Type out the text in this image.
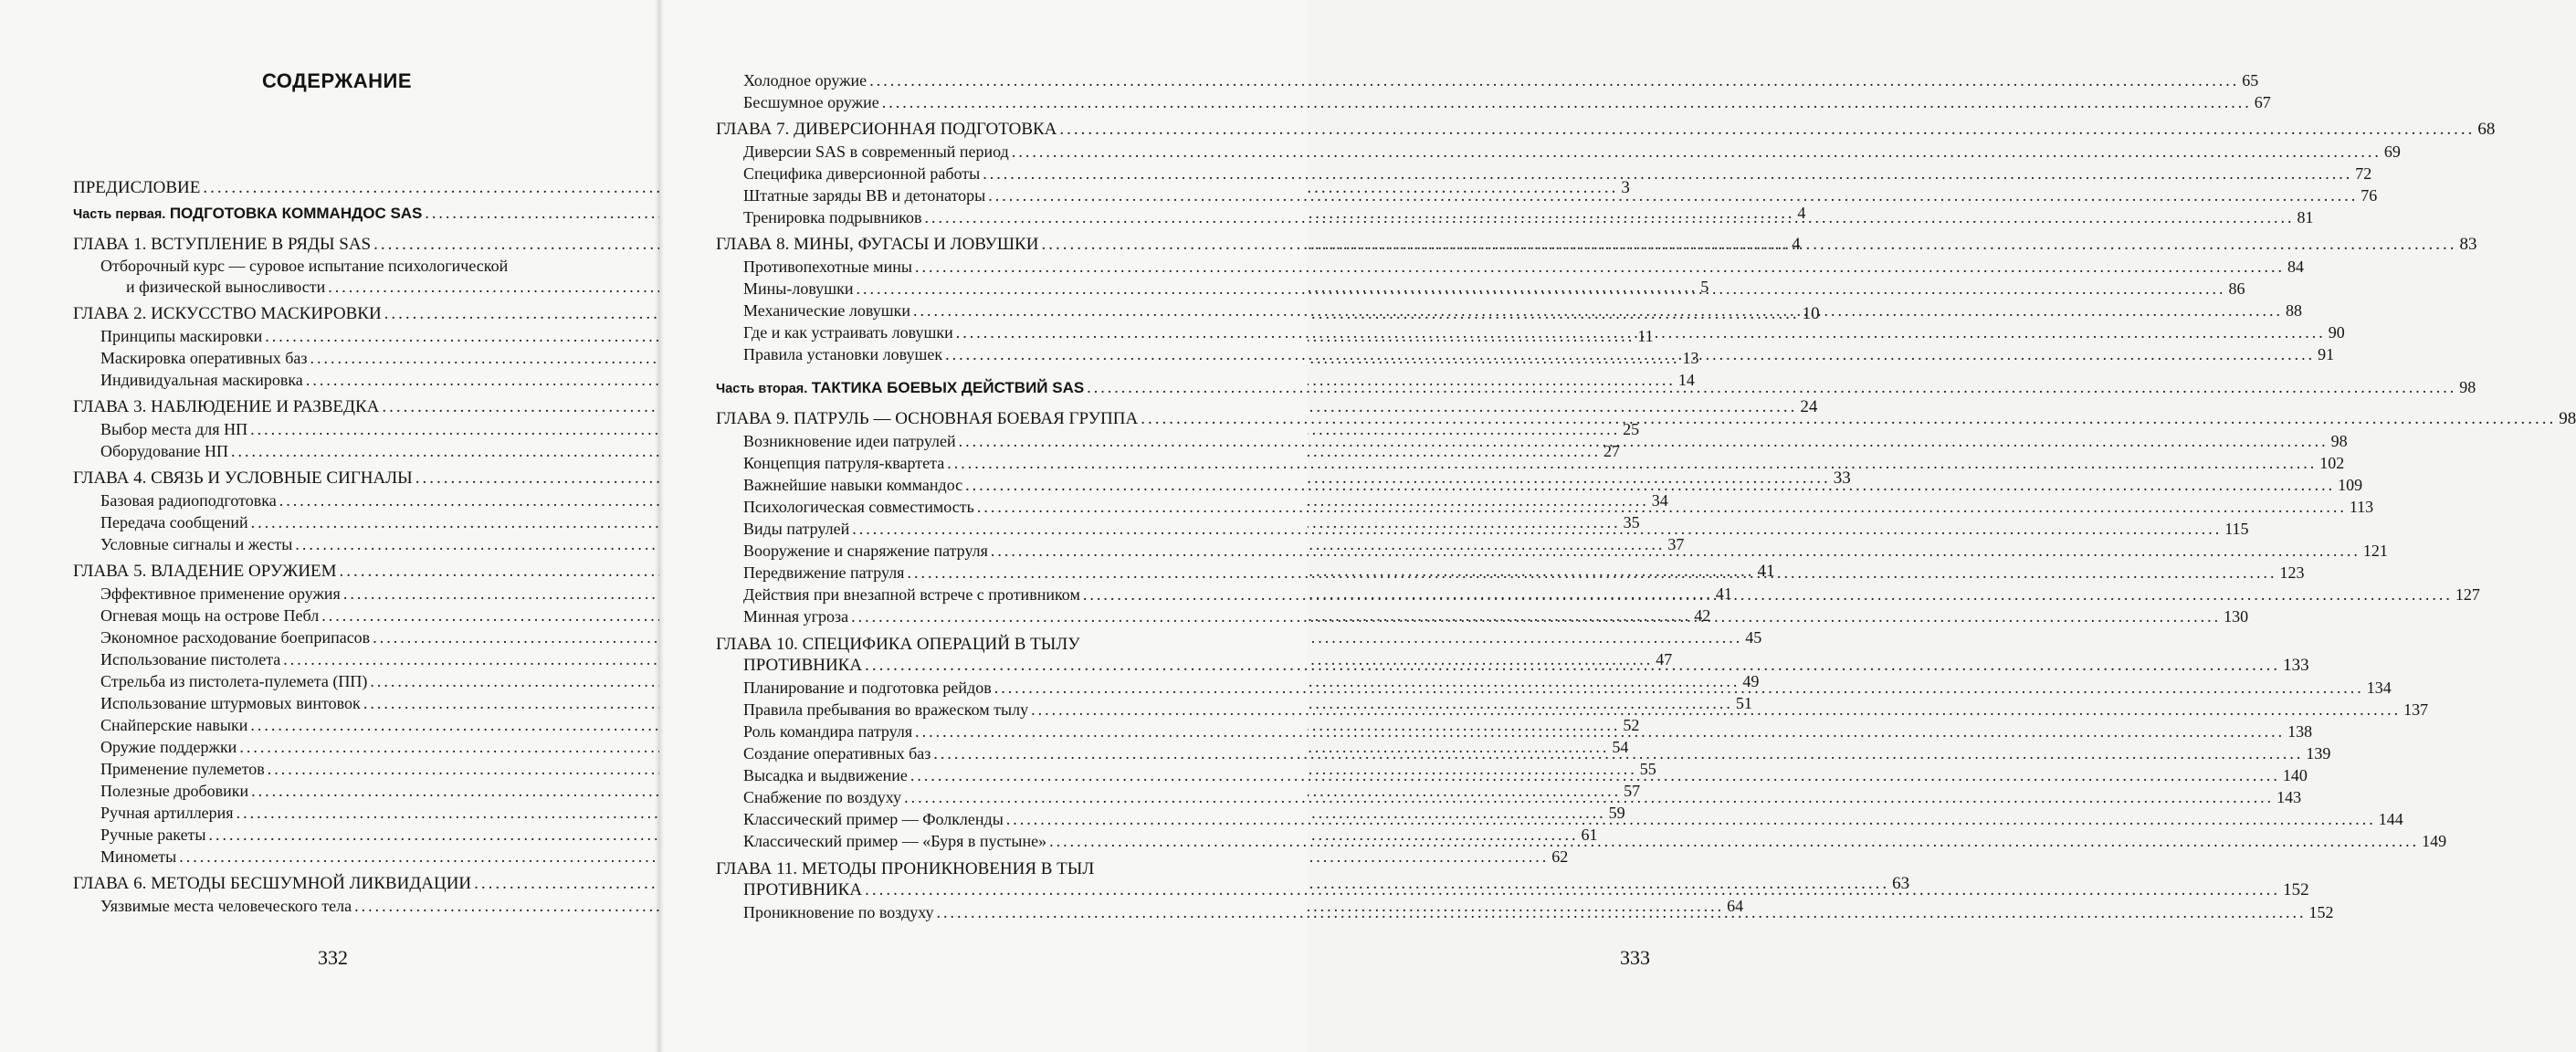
СОДЕРЖАНИЕ
ПРЕДИСЛОВИЕ .....	3
Часть первая. ПОДГОТОВКА КОММАНДОС SAS .....	4
ГЛАВА 1. ВСТУПЛЕНИЕ В РЯДЫ SAS .....	4
Отборочный курс — суровое испытание психологической
и физической выносливости .....	5
ГЛАВА 2. ИСКУССТВО МАСКИРОВКИ .....	10
Принципы маскировки .....	11
Маскировка оперативных баз .....	13
Индивидуальная маскировка .....	14
ГЛАВА 3. НАБЛЮДЕНИЕ И РАЗВЕДКА .....	24
Выбор места для НП .....	25
Оборудование НП .....	27
ГЛАВА 4. СВЯЗЬ И УСЛОВНЫЕ СИГНАЛЫ .....	33
Базовая радиоподготовка .....	34
Передача сообщений .....	35
Условные сигналы и жесты .....	37
ГЛАВА 5. ВЛАДЕНИЕ ОРУЖИЕМ .....	41
Эффективное применение оружия .....	41
Огневая мощь на острове Пебл .....	42
Экономное расходование боеприпасов .....	45
Использование пистолета .....	47
Стрельба из пистолета-пулемета (ПП) .....	49
Использование штурмовых винтовок .....	51
Снайперские навыки .....	52
Оружие поддержки .....	54
Применение пулеметов .....	55
Полезные дробовики .....	57
Ручная артиллерия .....	59
Ручные ракеты .....	61
Минометы .....	62
ГЛАВА 6. МЕТОДЫ БЕСШУМНОЙ ЛИКВИДАЦИИ .....	63
Уязвимые места человеческого тела .....	64
332
Холодное оружие .....	65
Бесшумное оружие .....	67
ГЛАВА 7. ДИВЕРСИОННАЯ ПОДГОТОВКА .....	68
Диверсии SAS в современный период .....	69
Специфика диверсионной работы .....	72
Штатные заряды ВВ и детонаторы .....	76
Тренировка подрывников .....	81
ГЛАВА 8. МИНЫ, ФУГАСЫ И ЛОВУШКИ .....	83
Противопехотные мины .....	84
Мины-ловушки .....	86
Механические ловушки .....	88
Где и как устраивать ловушки .....	90
Правила установки ловушек .....	91
Часть вторая. ТАКТИКА БОЕВЫХ ДЕЙСТВИЙ SAS .....	98
ГЛАВА 9. ПАТРУЛЬ — ОСНОВНАЯ БОЕВАЯ ГРУППА .....	98
Возникновение идеи патрулей .....	98
Концепция патруля-квартета .....	102
Важнейшие навыки коммандос .....	109
Психологическая совместимость .....	113
Виды патрулей .....	115
Вооружение и снаряжение патруля .....	121
Передвижение патруля .....	123
Действия при внезапной встрече с противником .....	127
Минная угроза .....	130
ГЛАВА 10. СПЕЦИФИКА ОПЕРАЦИЙ В ТЫЛУ
ПРОТИВНИКА .....	133
Планирование и подготовка рейдов .....	134
Правила пребывания во вражеском тылу .....	137
Роль командира патруля .....	138
Создание оперативных баз .....	139
Высадка и выдвижение .....	140
Снабжение по воздуху .....	143
Классический пример — Фолкленды .....	144
Классический пример — «Буря в пустыне» .....	149
ГЛАВА 11. МЕТОДЫ ПРОНИКНОВЕНИЯ В ТЫЛ
ПРОТИВНИКА .....	152
Проникновение по воздуху .....	152
333
